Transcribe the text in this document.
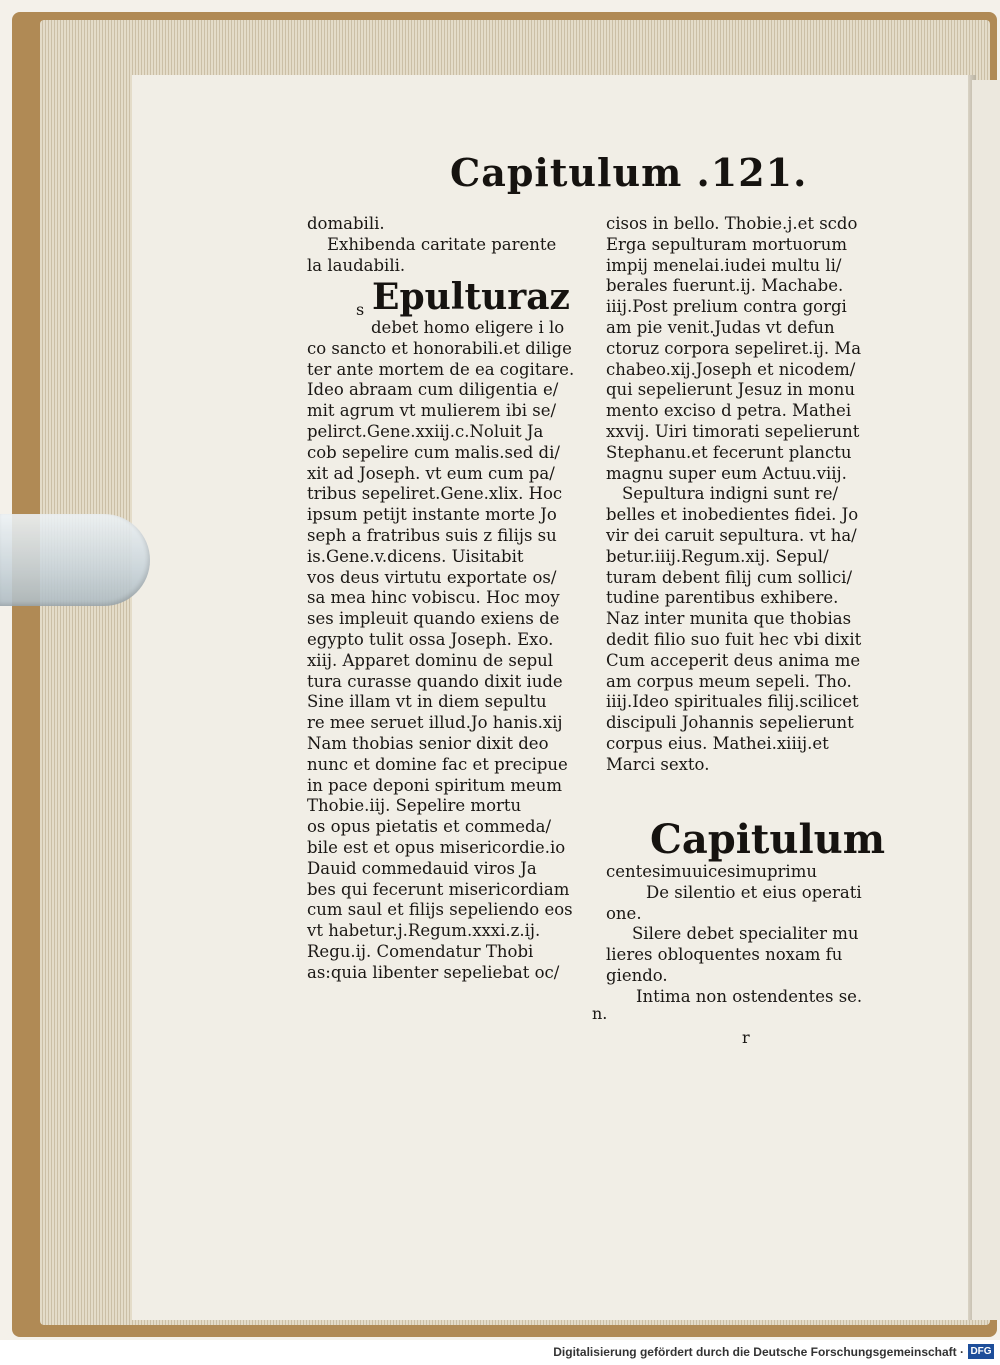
Capitulum .121.
domabili.
Exhibenda caritate parente
la laudabili.
s Epulturaz
debet homo eligere i lo
co sancto et honorabili.et dilige
ter ante mortem de ea cogitare.
Ideo abraam cum diligentia e/
mit agrum vt mulierem ibi se/
pelirct.Gene.xxiij.c.Noluit Ja
cob sepelire cum malis.sed di/
xit ad Joseph. vt eum cum pa/
tribus sepeliret.Gene.xlix. Hoc
ipsum petijt instante morte Jo
seph a fratribus suis z filijs su
is.Gene.v.dicens. Uisitabit
vos deus virtutu exportate os/
sa mea hinc vobiscu. Hoc moy
ses impleuit quando exiens de
egypto tulit ossa Joseph. Exo.
xiij. Apparet dominu de sepul
tura curasse quando dixit iude
Sine illam vt in diem sepultu
re mee seruet illud.Jo hanis.xij
Nam thobias senior dixit deo
nunc et domine fac et precipue
in pace deponi spiritum meum
Thobie.iij. Sepelire mortu
os opus pietatis et commeda/
bile est et opus misericordie.io
Dauid commedauid viros Ja
bes qui fecerunt misericordiam
cum saul et filijs sepeliendo eos
vt habetur.j.Regum.xxxi.z.ij.
Regu.ij. Comendatur Thobi
as:quia libenter sepeliebat oc/
n.
cisos in bello. Thobie.j.et scdo
Erga sepulturam mortuorum
impij menelai.iudei multu li/
berales fuerunt.ij. Machabe.
iiij.Post prelium contra gorgi
am pie venit.Judas vt defun
ctoruz corpora sepeliret.ij. Ma
chabeo.xij.Joseph et nicodem/
qui sepelierunt Jesuz in monu
mento exciso d petra. Mathei
xxvij. Uiri timorati sepelierunt
Stephanu.et fecerunt planctu
magnu super eum Actuu.viij.
Sepultura indigni sunt re/
belles et inobedientes fidei. Jo
vir dei caruit sepultura. vt ha/
betur.iiij.Regum.xij. Sepul/
turam debent filij cum sollici/
tudine parentibus exhibere.
Naz inter munita que thobias
dedit filio suo fuit hec vbi dixit
Cum acceperit deus anima me
am corpus meum sepeli. Tho.
iiij.Ideo spirituales filij.scilicet
discipuli Johannis sepelierunt
corpus eius. Mathei.xiiij.et
Marci sexto.
Capitulum
centesimuuicesimuprimu
De silentio et eius operati
one.
Silere debet specialiter mu
lieres obloquentes noxam fu
giendo.
Intima non ostendentes se.
r
Digitalisierung gefördert durch die Deutsche Forschungsgemeinschaft · DFG
